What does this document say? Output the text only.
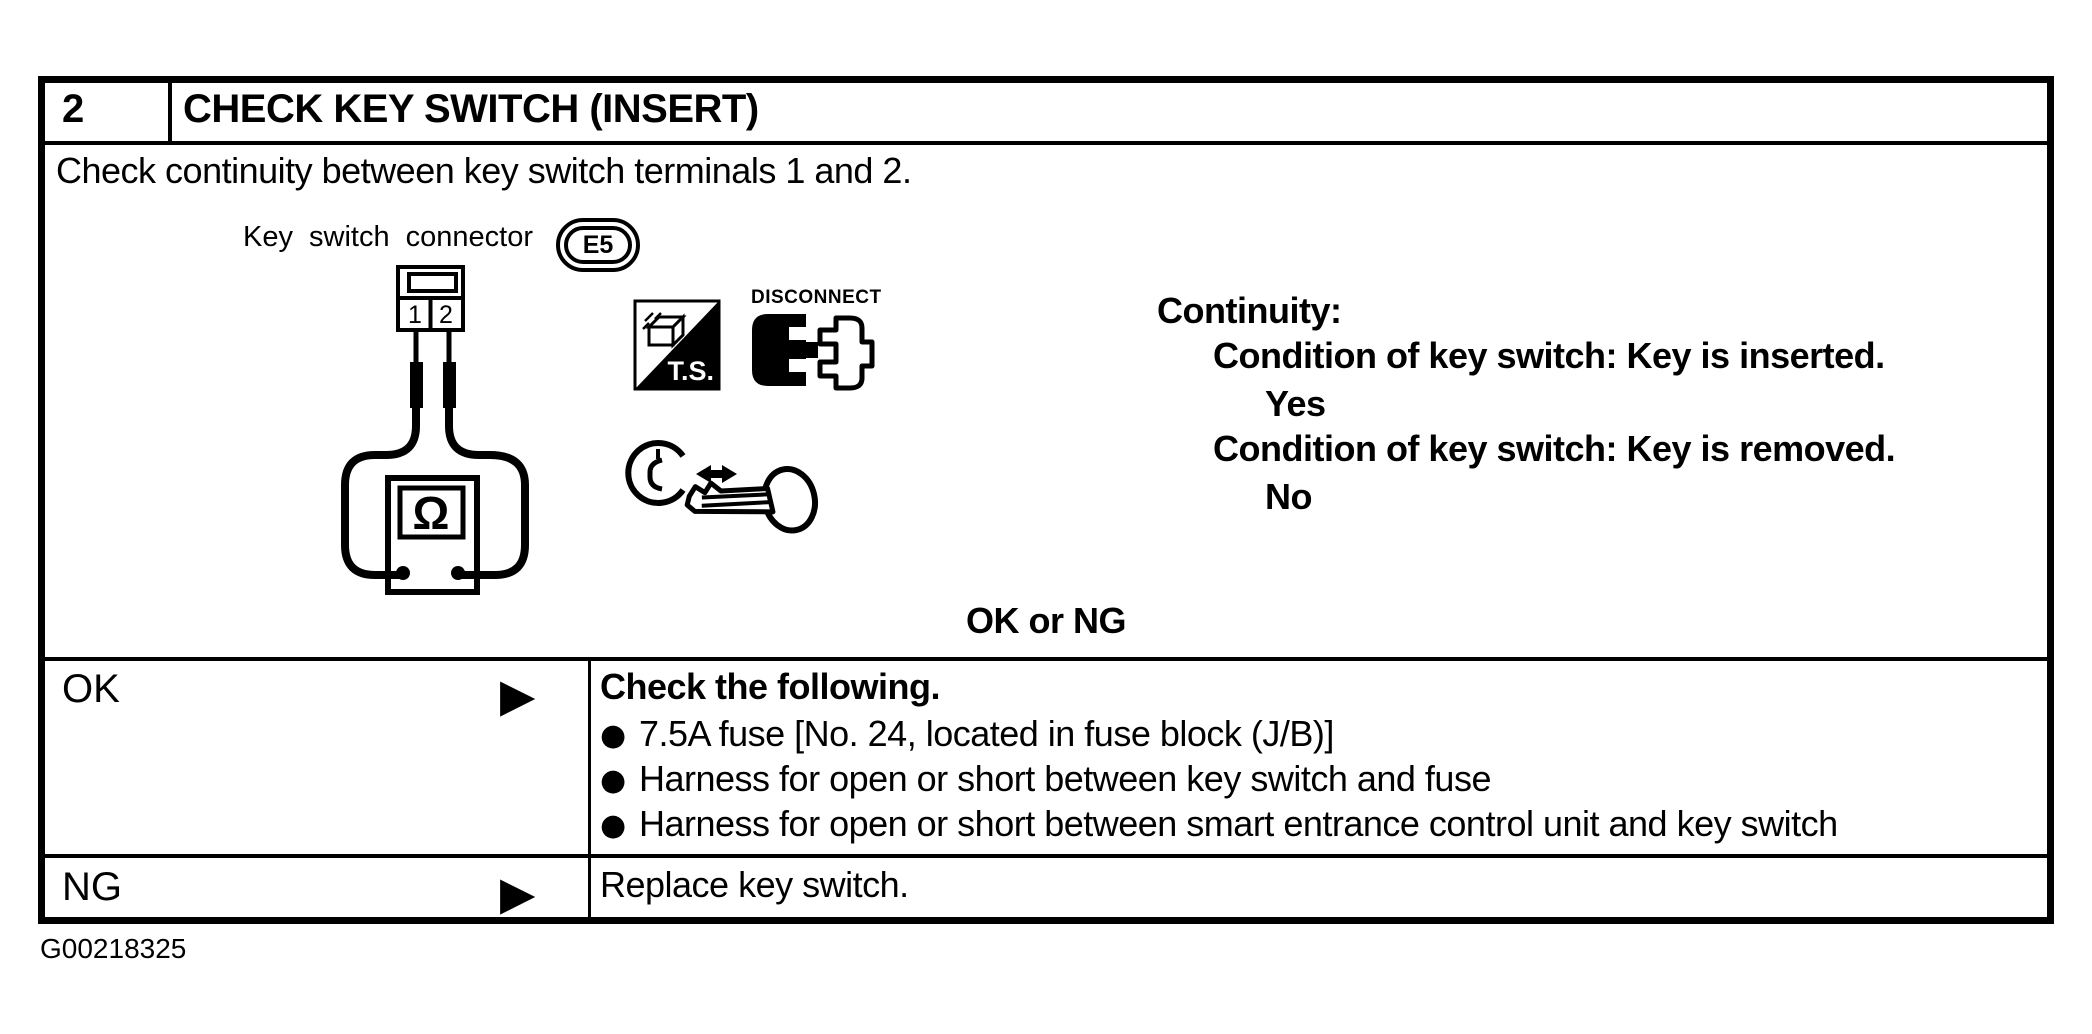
2 CHECK KEY SWITCH (INSERT)
Check continuity between key switch terminals 1 and 2.
Key switch connector	E5
1 2
Ω
T.S.
DISCONNECT	Continuity:
Condition of key switch: Key is inserted.
Yes
Condition of key switch: Key is removed.
No
OK or NG
OK	▶ Check the following.
● 7.5A fuse [No. 24, located in fuse block (J/B)]
● Harness for open or short between key switch and fuse
● Harness for open or short between smart entrance control unit and key switch
NG	▶ Replace key switch.
G00218325
